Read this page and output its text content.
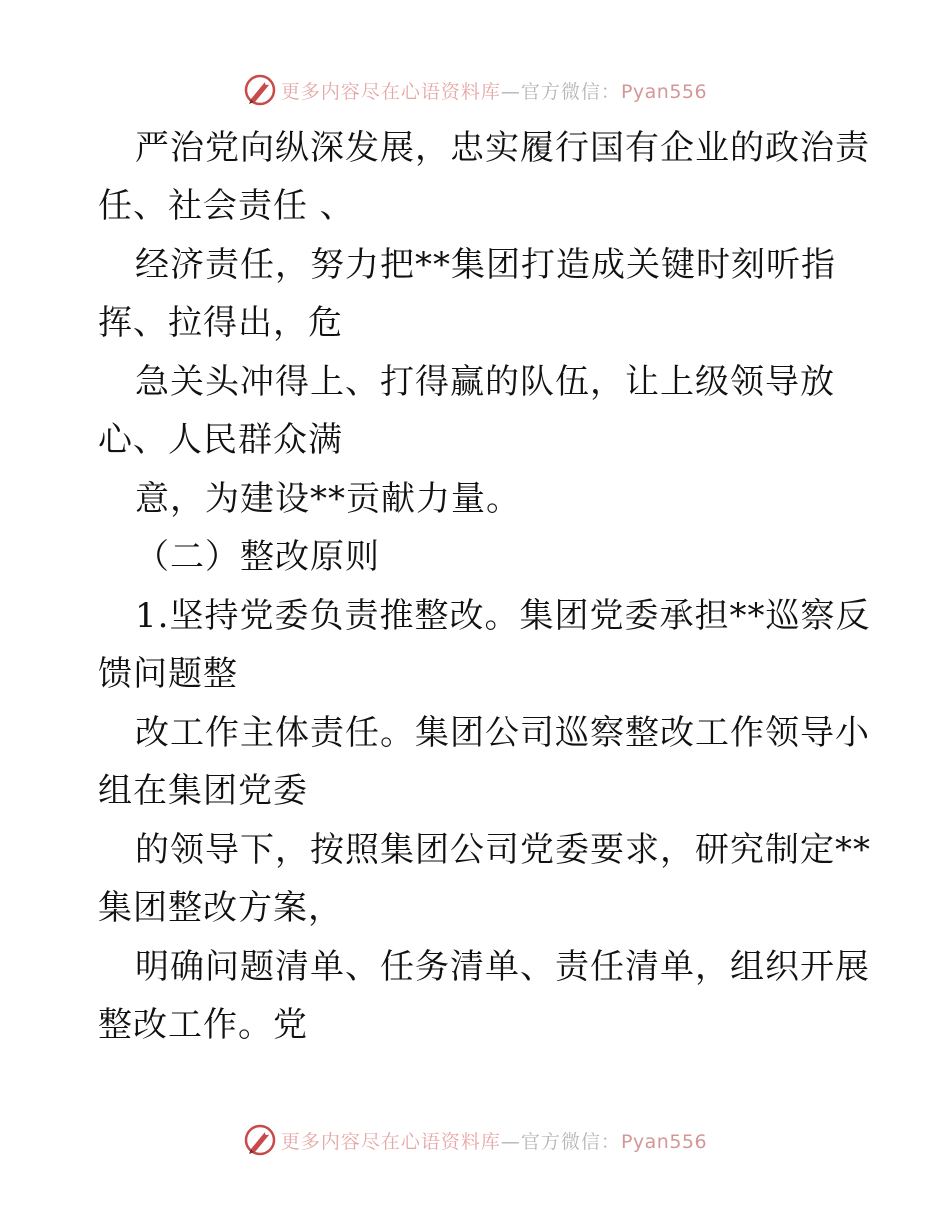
更多内容尽在心语资料库—官方微信：Pyan556
严治党向纵深发展，忠实履行国有企业的政治责
任、社会责任 、
经济责任，努力把**集团打造成关键时刻听指
挥、拉得出，危
急关头冲得上、打得赢的队伍，让上级领导放
心、人民群众满
意，为建设**贡献力量。
（二）整改原则
1.坚持党委负责推整改。集团党委承担**巡察反
馈问题整
改工作主体责任。集团公司巡察整改工作领导小
组在集团党委
的领导下，按照集团公司党委要求，研究制定**
集团整改方案，
明确问题清单、任务清单、责任清单，组织开展
整改工作。党
更多内容尽在心语资料库—官方微信：Pyan556
